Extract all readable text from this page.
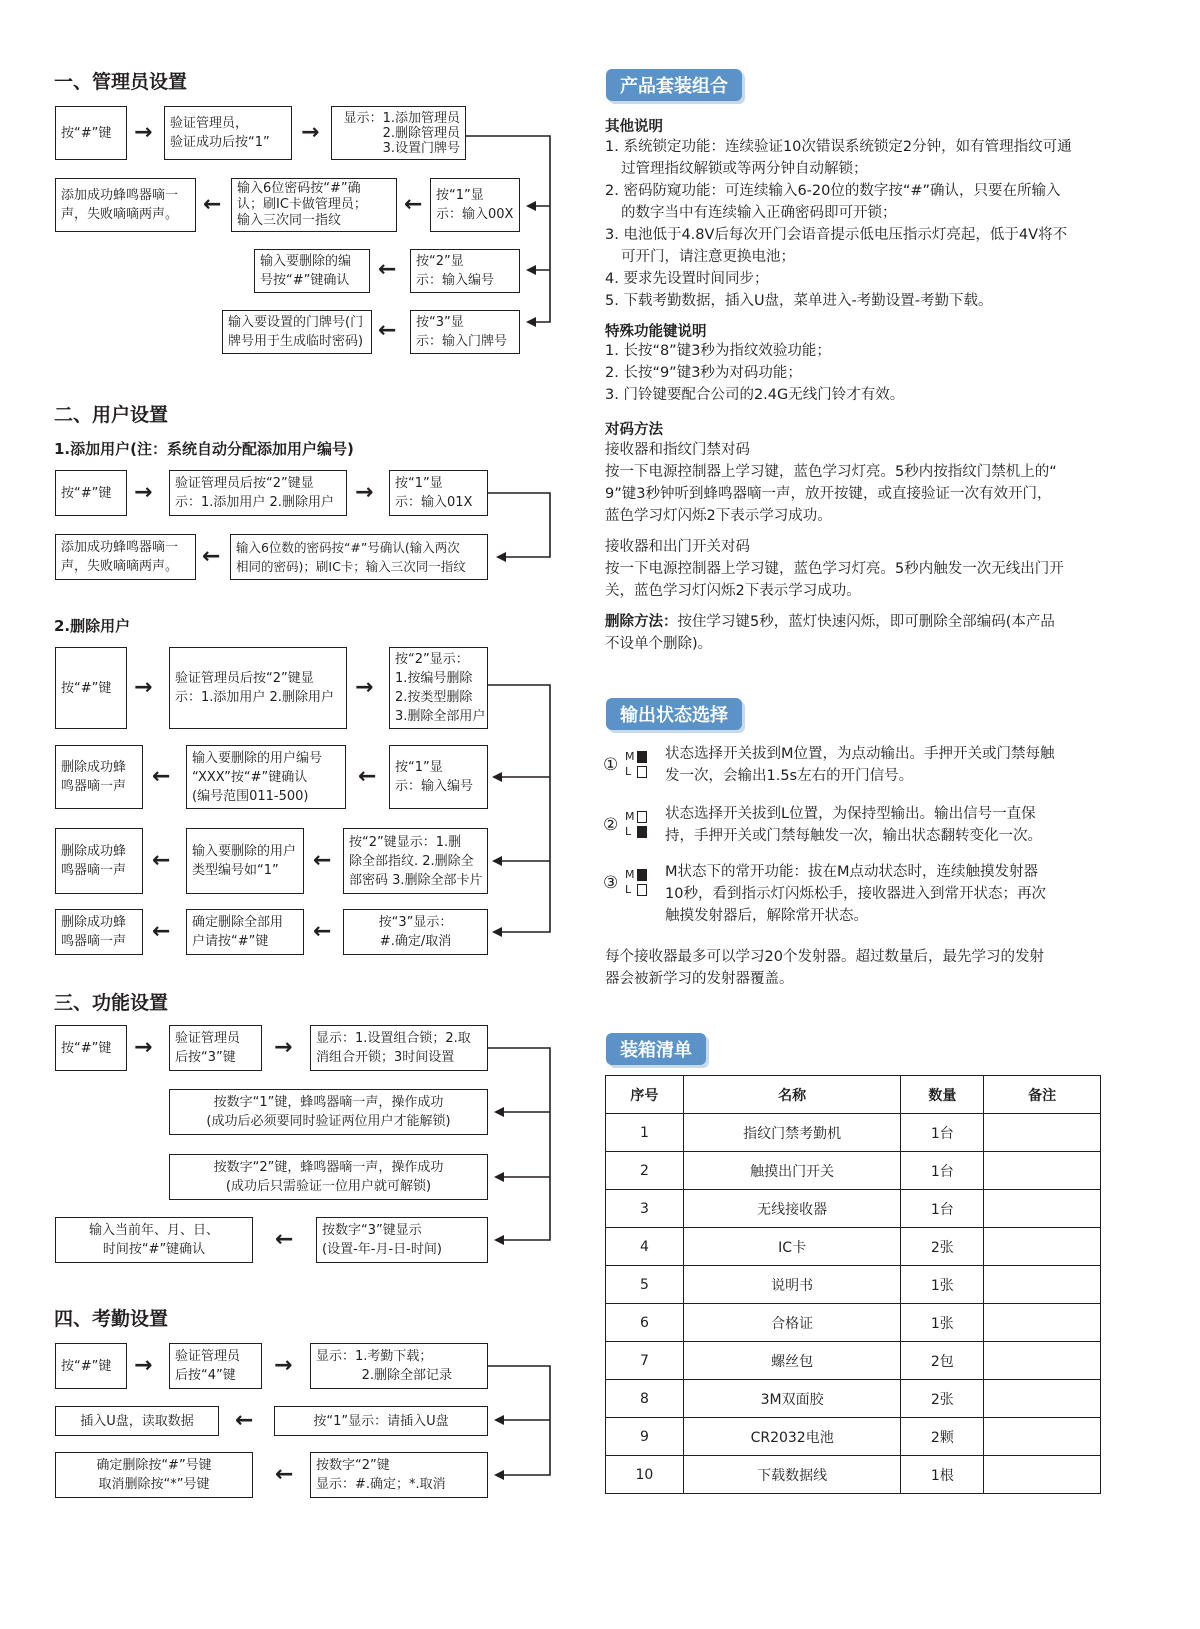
一、管理员设置
按“#”键	→ 验证管理员，
验证成功后按“1”	→
显示：1.添加管理员
2.删除管理员
3.设置门牌号
按“1”显
示：输入00X
←
输入6位密码按“#”确
认；刷IC卡做管理员；
输入三次同一指纹
←
添加成功蜂鸣器嘀一
声，失败嘀嘀两声。
按“2”显
示：输入编号
←
输入要删除的编
号按“#”键确认
按“3”显
示：输入门牌号
←
输入要设置的门牌号(门
牌号用于生成临时密码)
二、用户设置
1.添加用户(注：系统自动分配添加用户编号)
按“#”键	→ 验证管理员后按“2”键显
示：1.添加用户 2.删除用户 → 按“1”显
示：输入01X
输入6位数的密码按“#”号确认(输入两次
相同的密码)；刷IC卡；输入三次同一指纹
←
添加成功蜂鸣器嘀一
声，失败嘀嘀两声。
2.删除用户
按“#”键	→ 验证管理员后按“2”键显
示：1.添加用户 2.删除用户 →
按“2”显示：
1.按编号删除
2.按类型删除
3.删除全部用户
按“1”显
示：输入编号
←
输入要删除的用户编号
“XXX”按“#”键确认
(编号范围011-500)
←
删除成功蜂
鸣器嘀一声
按“2”键显示：1.删
除全部指纹. 2.删除全
部密码 3.删除全部卡片
←
输入要删除的用户
类型编号如“1”
←
删除成功蜂
鸣器嘀一声
按“3”显示：
#.确定/取消
←
确定删除全部用
户请按“#”键
←
删除成功蜂
鸣器嘀一声
三、功能设置
按“#”键	→ 验证管理员
后按“3”键	→ 显示：1.设置组合锁；2.取
消组合开锁；3时间设置
按数字“1”键，蜂鸣器嘀一声，操作成功
(成功后必须要同时验证两位用户才能解锁)
按数字“2”键，蜂鸣器嘀一声，操作成功
(成功后只需验证一位用户就可解锁)
按数字“3”键显示
(设置-年-月-日-时间)
←
输入当前年、月、日、
时间按“#”键确认
四、考勤设置
按“#”键	→ 验证管理员
后按“4”键	→ 显示：1.考勤下载；
2.删除全部记录
按“1”显示：请插入U盘
←
插入U盘，读取数据
按数字“2”键
显示：#.确定；*.取消
←
确定删除按“#”号键
取消删除按“*”号键
产品套装组合
其他说明
1. 系统锁定功能：连续验证10次错误系统锁定2分钟，如有管理指纹可通
过管理指纹解锁或等两分钟自动解锁；
2. 密码防窥功能：可连续输入6-20位的数字按“#”确认，只要在所输入
的数字当中有连续输入正确密码即可开锁；
3. 电池低于4.8V后每次开门会语音提示低电压指示灯亮起，低于4V将不
可开门，请注意更换电池；
4. 要求先设置时间同步；
5. 下载考勤数据，插入U盘，菜单进入-考勤设置-考勤下载。
特殊功能键说明
1. 长按“8”键3秒为指纹效验功能；
2. 长按“9”键3秒为对码功能；
3. 门铃键要配合公司的2.4G无线门铃才有效。
对码方法
接收器和指纹门禁对码
按一下电源控制器上学习键，蓝色学习灯亮。5秒内按指纹门禁机上的“
9”键3秒钟听到蜂鸣器嘀一声，放开按键，或直接验证一次有效开门，
蓝色学习灯闪烁2下表示学习成功。
接收器和出门开关对码
按一下电源控制器上学习键，蓝色学习灯亮。5秒内触发一次无线出门开
关，蓝色学习灯闪烁2下表示学习成功。
删除方法：按住学习键5秒，蓝灯快速闪烁，即可删除全部编码(本产品
不设单个删除)。
输出状态选择
① M
L
状态选择开关拔到M位置，为点动输出。手押开关或门禁每触
发一次，会输出1.5s左右的开门信号。
② M
L
状态选择开关拔到L位置，为保持型输出。输出信号一直保
持，手押开关或门禁每触发一次，输出状态翻转变化一次。
③ M
L
M状态下的常开功能：拔在M点动状态时，连续触摸发射器
10秒，看到指示灯闪烁松手，接收器进入到常开状态；再次
触摸发射器后，解除常开状态。
每个接收器最多可以学习20个发射器。超过数量后，最先学习的发射
器会被新学习的发射器覆盖。
装箱清单
序号	名称	数量	备注
1	指纹门禁考勤机	1台	
2	触摸出门开关	1台	
3	无线接收器	1台	
4	IC卡	2张	
5	说明书	1张	
6	合格证	1张	
7	螺丝包	2包	
8	3M双面胶	2张	
9	CR2032电池	2颗	
10	下载数据线	1根	
